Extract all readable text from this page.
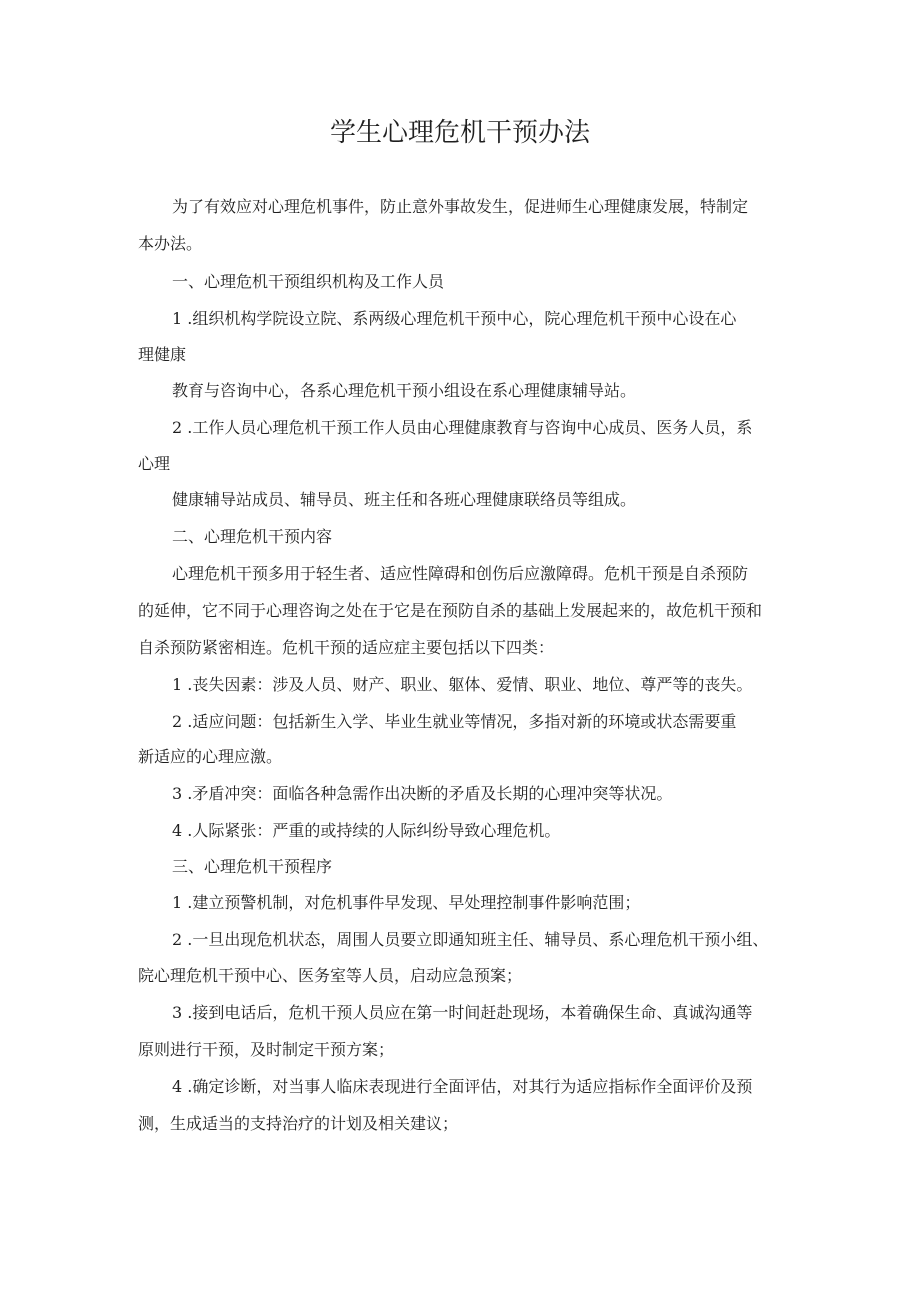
学生心理危机干预办法
为了有效应对心理危机事件，防止意外事故发生，促进师生心理健康发展，特制定
本办法。
一、心理危机干预组织机构及工作人员
1 .组织机构学院设立院、系两级心理危机干预中心，院心理危机干预中心设在心
理健康
教育与咨询中心，各系心理危机干预小组设在系心理健康辅导站。
2 .工作人员心理危机干预工作人员由心理健康教育与咨询中心成员、医务人员，系
心理
健康辅导站成员、辅导员、班主任和各班心理健康联络员等组成。
二、心理危机干预内容
心理危机干预多用于轻生者、适应性障碍和创伤后应激障碍。危机干预是自杀预防
的延伸，它不同于心理咨询之处在于它是在预防自杀的基础上发展起来的，故危机干预和
自杀预防紧密相连。危机干预的适应症主要包括以下四类：
1 .丧失因素：涉及人员、财产、职业、躯体、爱情、职业、地位、尊严等的丧失。
2 .适应问题：包括新生入学、毕业生就业等情况，多指对新的环境或状态需要重
新适应的心理应激。
3 .矛盾冲突：面临各种急需作出决断的矛盾及长期的心理冲突等状况。
4 .人际紧张：严重的或持续的人际纠纷导致心理危机。
三、心理危机干预程序
1 .建立预警机制，对危机事件早发现、早处理控制事件影响范围；
2 .一旦出现危机状态，周围人员要立即通知班主任、辅导员、系心理危机干预小组、
院心理危机干预中心、医务室等人员，启动应急预案；
3 .接到电话后，危机干预人员应在第一时间赶赴现场，本着确保生命、真诚沟通等
原则进行干预，及时制定干预方案；
4 .确定诊断，对当事人临床表现进行全面评估，对其行为适应指标作全面评价及预
测，生成适当的支持治疗的计划及相关建议；
